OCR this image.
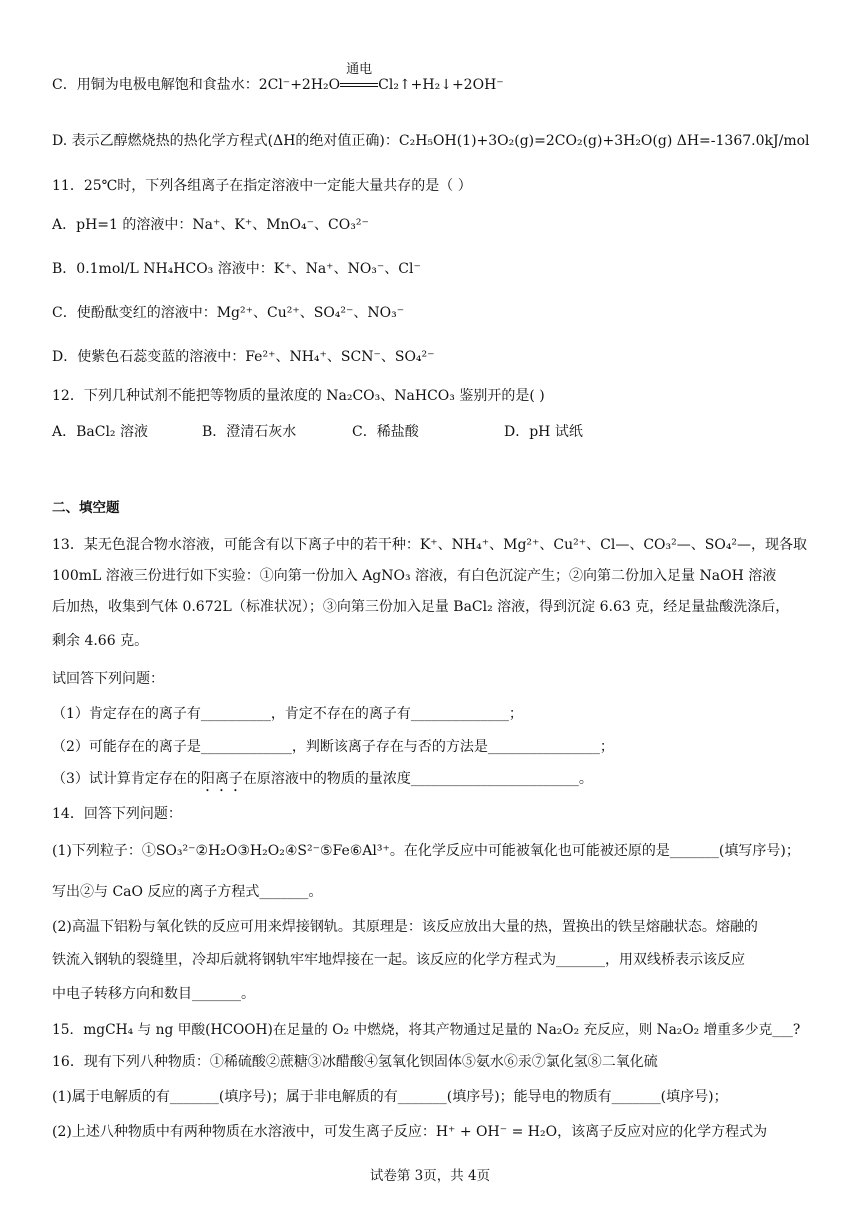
C．用铜为电极电解饱和食盐水：2Cl⁻+2H₂O
通电
Cl₂↑+H₂↓+2OH⁻
D. 表示乙醇燃烧热的热化学方程式(ΔH的绝对值正确)：C₂H₅OH(1)+3O₂(g)=2CO₂(g)+3H₂O(g) ΔH=-1367.0kJ/mol
11．25℃时，下列各组离子在指定溶液中一定能大量共存的是（ ）
A．pH=1 的溶液中：Na⁺、K⁺、MnO₄⁻、CO₃²⁻
B．0.1mol/L NH₄HCO₃ 溶液中：K⁺、Na⁺、NO₃⁻、Cl⁻
C．使酚酞变红的溶液中：Mg²⁺、Cu²⁺、SO₄²⁻、NO₃⁻
D．使紫色石蕊变蓝的溶液中：Fe²⁺、NH₄⁺、SCN⁻、SO₄²⁻
12．下列几种试剂不能把等物质的量浓度的 Na₂CO₃、NaHCO₃ 鉴别开的是( )
A．BaCl₂ 溶液	B．澄清石灰水	C．稀盐酸	D．pH 试纸
二、填空题
13．某无色混合物水溶液，可能含有以下离子中的若干种：K⁺、NH₄⁺、Mg²⁺、Cu²⁺、Cl—、CO₃²—、SO₄²—，现各取
100mL 溶液三份进行如下实验：①向第一份加入 AgNO₃ 溶液，有白色沉淀产生；②向第二份加入足量 NaOH 溶液
后加热，收集到气体 0.672L（标准状况）；③向第三份加入足量 BaCl₂ 溶液，得到沉淀 6.63 克，经足量盐酸洗涤后，
剩余 4.66 克。
试回答下列问题：
（1）肯定存在的离子有__________，肯定不存在的离子有______________；
（2）可能存在的离子是_____________，判断该离子存在与否的方法是________________；
（3）试计算肯定存在的阳离子在原溶液中的物质的量浓度________________________。
14．回答下列问题：
(1)下列粒子：①SO₃²⁻②H₂O③H₂O₂④S²⁻⑤Fe⑥Al³⁺。在化学反应中可能被氧化也可能被还原的是_______(填写序号)；
写出②与 CaO 反应的离子方程式_______。
(2)高温下铝粉与氧化铁的反应可用来焊接钢轨。其原理是：该反应放出大量的热，置换出的铁呈熔融状态。熔融的
铁流入钢轨的裂缝里，冷却后就将钢轨牢牢地焊接在一起。该反应的化学方程式为_______，用双线桥表示该反应
中电子转移方向和数目_______。
15．mgCH₄ 与 ng 甲酸(HCOOH)在足量的 O₂ 中燃烧，将其产物通过足量的 Na₂O₂ 充反应，则 Na₂O₂ 增重多少克___?
16．现有下列八种物质：①稀硫酸②蔗糖③冰醋酸④氢氧化钡固体⑤氨水⑥汞⑦氯化氢⑧二氧化硫
(1)属于电解质的有_______(填序号)；属于非电解质的有_______(填序号)；能导电的物质有_______(填序号)；
(2)上述八种物质中有两种物质在水溶液中，可发生离子反应：H⁺ + OH⁻ = H₂O，该离子反应对应的化学方程式为
试卷第 3页，共 4页
